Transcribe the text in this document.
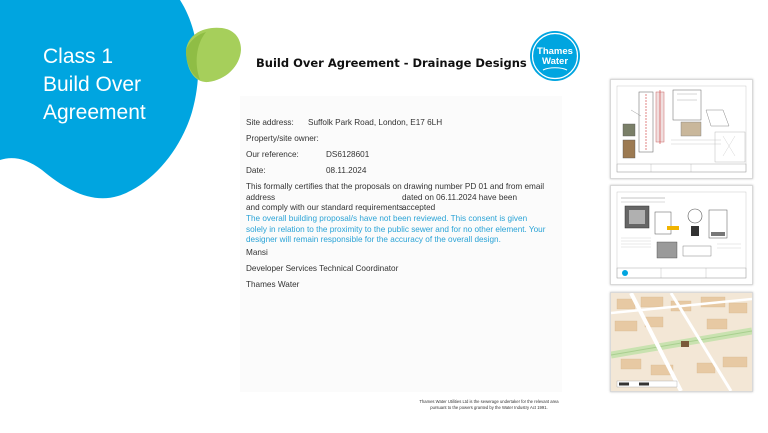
Class 1
Build Over
Agreement
Build Over Agreement - Drainage Designs
Thames
Water
Site address: Suffolk Park Road, London, E17 6LH
Property/site owner:
Our reference:	DS6128601
Date:	08.11.2024
This formally certifies that the proposals on drawing number PD 01 and from email
address	dated on 06.11.2024 have been accepted
and comply with our standard requirements.
The overall building proposal/s have not been reviewed. This consent is given
solely in relation to the proximity to the public sewer and for no other element. Your
designer will remain responsible for the accuracy of the overall design.
Mansi
Developer Services Technical Coordinator
Thames Water
Thames Water Utilities Ltd is the sewerage undertaker for the relevant area
pursuant to the powers granted by the Water Industry Act 1991.
